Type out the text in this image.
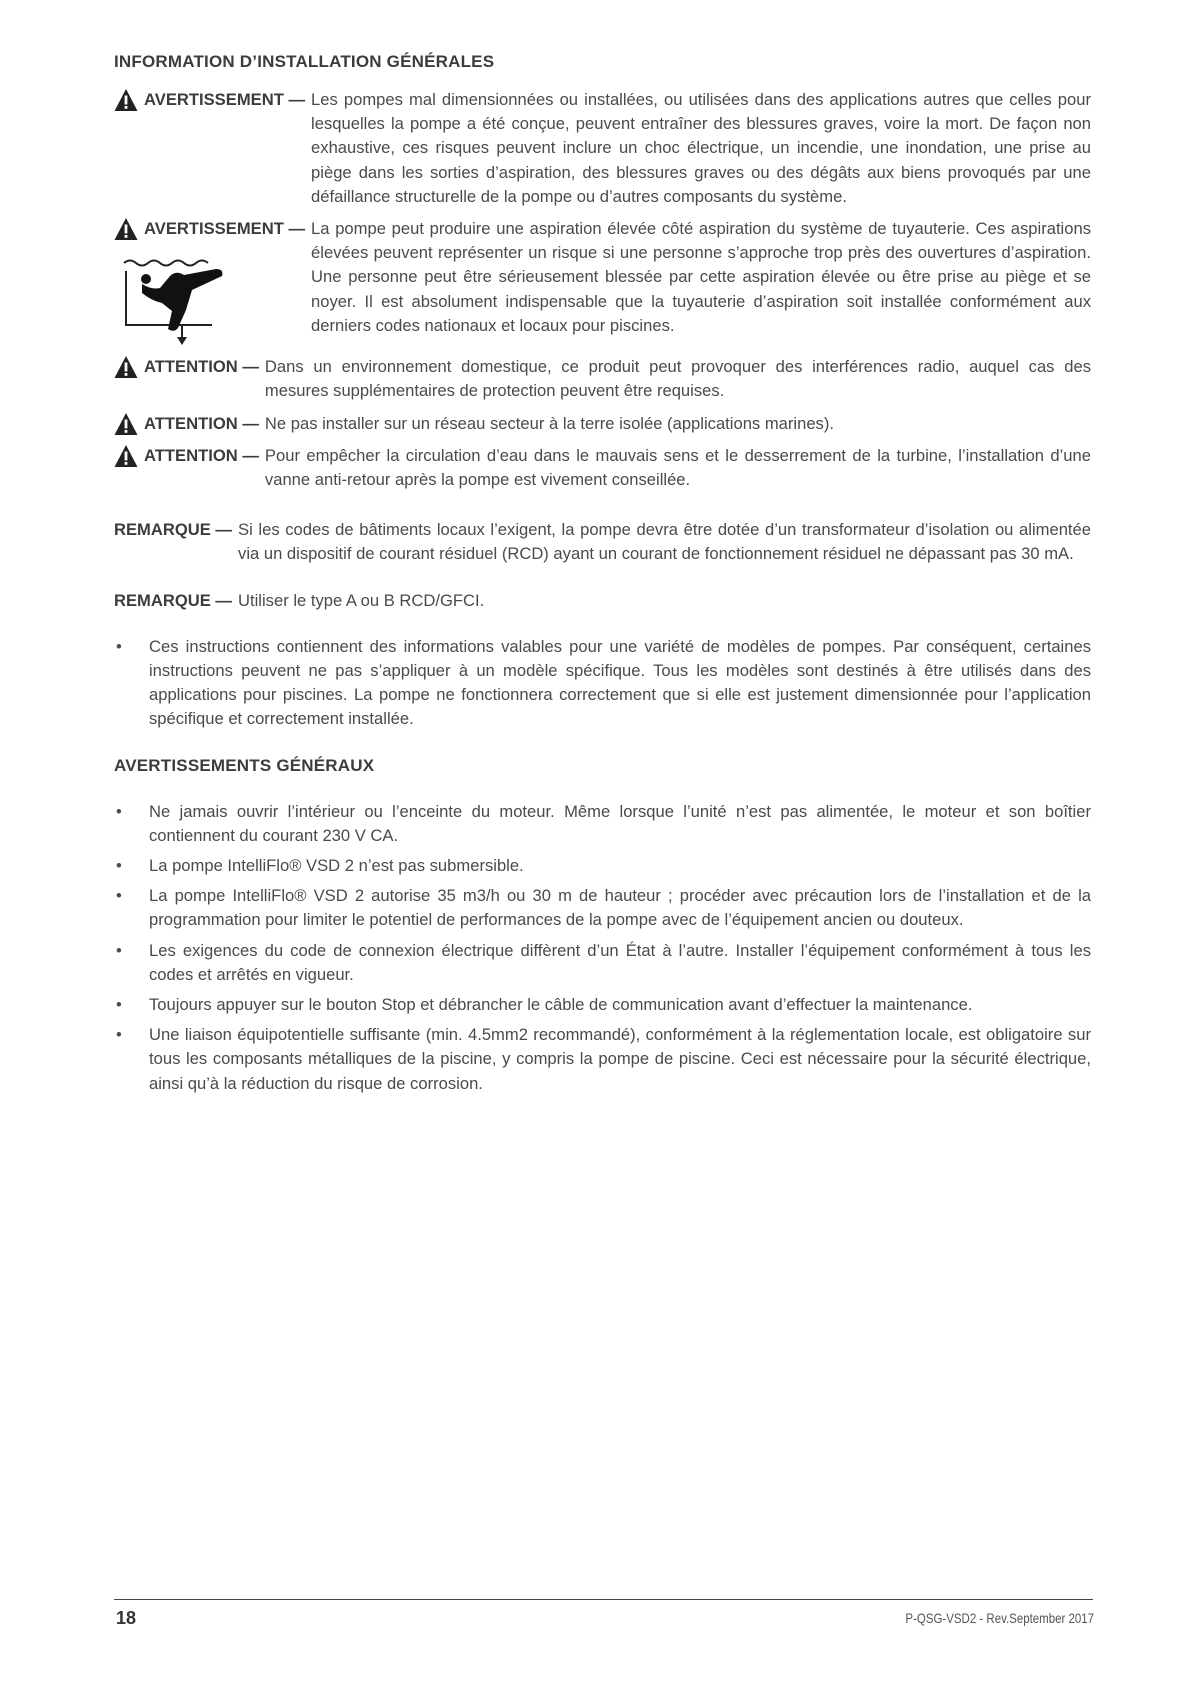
INFORMATION D’INSTALLATION GÉNÉRALES
AVERTISSEMENT — Les pompes mal dimensionnées ou installées, ou utilisées dans des applications autres que celles pour lesquelles la pompe a été conçue, peuvent entraîner des blessures graves, voire la mort. De façon non exhaustive, ces risques peuvent inclure un choc électrique, un incendie, une inondation, une prise au piège dans les sorties d’aspiration, des blessures graves ou des dégâts aux biens provoqués par une défaillance structurelle de la pompe ou d’autres composants du système.
AVERTISSEMENT — La pompe peut produire une aspiration élevée côté aspiration du système de tuyauterie. Ces aspirations élevées peuvent représenter un risque si une personne s’approche trop près des ouvertures d’aspiration. Une personne peut être sérieusement blessée par cette aspiration élevée ou être prise au piège et se noyer. Il est absolument indispensable que la tuyauterie d’aspiration soit installée conformément aux derniers codes nationaux et locaux pour piscines.
ATTENTION — Dans un environnement domestique, ce produit peut provoquer des interférences radio, auquel cas des mesures supplémentaires de protection peuvent être requises.
ATTENTION — Ne pas installer sur un réseau secteur à la terre isolée (applications marines).
ATTENTION — Pour empêcher la circulation d’eau dans le mauvais sens et le desserrement de la turbine, l’installation d’une vanne anti-retour après la pompe est vivement conseillée.
REMARQUE — Si les codes de bâtiments locaux l’exigent, la pompe devra être dotée d’un transformateur d’isolation ou alimentée via un dispositif de courant résiduel (RCD) ayant un courant de fonctionnement résiduel ne dépassant pas 30 mA.
REMARQUE — Utiliser le type A ou B RCD/GFCI.
• Ces instructions contiennent des informations valables pour une variété de modèles de pompes. Par conséquent, certaines instructions peuvent ne pas s’appliquer à un modèle spécifique. Tous les modèles sont destinés à être utilisés dans des applications pour piscines. La pompe ne fonctionnera correctement que si elle est justement dimensionnée pour l’application spécifique et correctement installée.
AVERTISSEMENTS GÉNÉRAUX
• Ne jamais ouvrir l’intérieur ou l’enceinte du moteur. Même lorsque l’unité n’est pas alimentée, le moteur et son boîtier contiennent du courant 230 V CA.
• La pompe IntelliFlo® VSD 2 n’est pas submersible.
• La pompe IntelliFlo® VSD 2 autorise 35 m3/h ou 30 m de hauteur ; procéder avec précaution lors de l’installation et de la programmation pour limiter le potentiel de performances de la pompe avec de l’équipement ancien ou douteux.
• Les exigences du code de connexion électrique diffèrent d’un État à l’autre. Installer l’équipement conformément à tous les codes et arrêtés en vigueur.
• Toujours appuyer sur le bouton Stop et débrancher le câble de communication avant d’effectuer la maintenance.
• Une liaison équipotentielle suffisante (min. 4.5mm2 recommandé), conformément à la réglementation locale, est obligatoire sur tous les composants métalliques de la piscine, y compris la pompe de piscine. Ceci est nécessaire pour la sécurité électrique, ainsi qu’à la réduction du risque de corrosion.
18	P-QSG-VSD2 - Rev.September 2017
